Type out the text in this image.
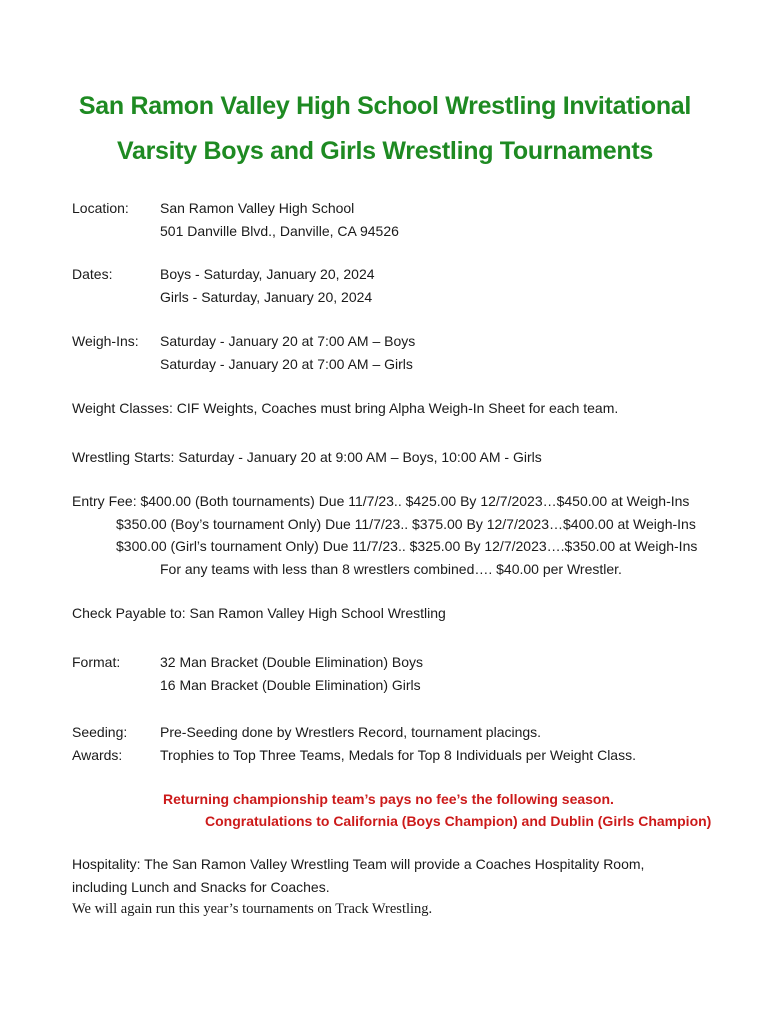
San Ramon Valley High School Wrestling Invitational
Varsity Boys and Girls Wrestling Tournaments
Location: San Ramon Valley High School
501 Danville Blvd., Danville, CA 94526
Dates:	Boys - Saturday, January 20, 2024
Girls - Saturday, January 20, 2024
Weigh-Ins: Saturday - January 20 at 7:00 AM – Boys
Saturday - January 20 at 7:00 AM – Girls
Weight Classes: CIF Weights, Coaches must bring Alpha Weigh-In Sheet for each team.
Wrestling Starts: Saturday - January 20 at 9:00 AM – Boys, 10:00 AM - Girls
Entry Fee: $400.00 (Both tournaments) Due 11/7/23.. $425.00 By 12/7/2023…$450.00 at Weigh-Ins
$350.00 (Boy’s tournament Only) Due 11/7/23.. $375.00 By 12/7/2023…$400.00 at Weigh-Ins
$300.00 (Girl’s tournament Only) Due 11/7/23.. $325.00 By 12/7/2023….$350.00 at Weigh-Ins
For any teams with less than 8 wrestlers combined…. $40.00 per Wrestler.
Check Payable to: San Ramon Valley High School Wrestling
Format:	32 Man Bracket (Double Elimination) Boys
16 Man Bracket (Double Elimination) Girls
Seeding: Pre-Seeding done by Wrestlers Record, tournament placings.
Awards:	Trophies to Top Three Teams, Medals for Top 8 Individuals per Weight Class.
Returning championship team’s pays no fee’s the following season.
Congratulations to California (Boys Champion) and Dublin (Girls Champion)
Hospitality: The San Ramon Valley Wrestling Team will provide a Coaches Hospitality Room,
including Lunch and Snacks for Coaches.
We will again run this year’s tournaments on Track Wrestling.
